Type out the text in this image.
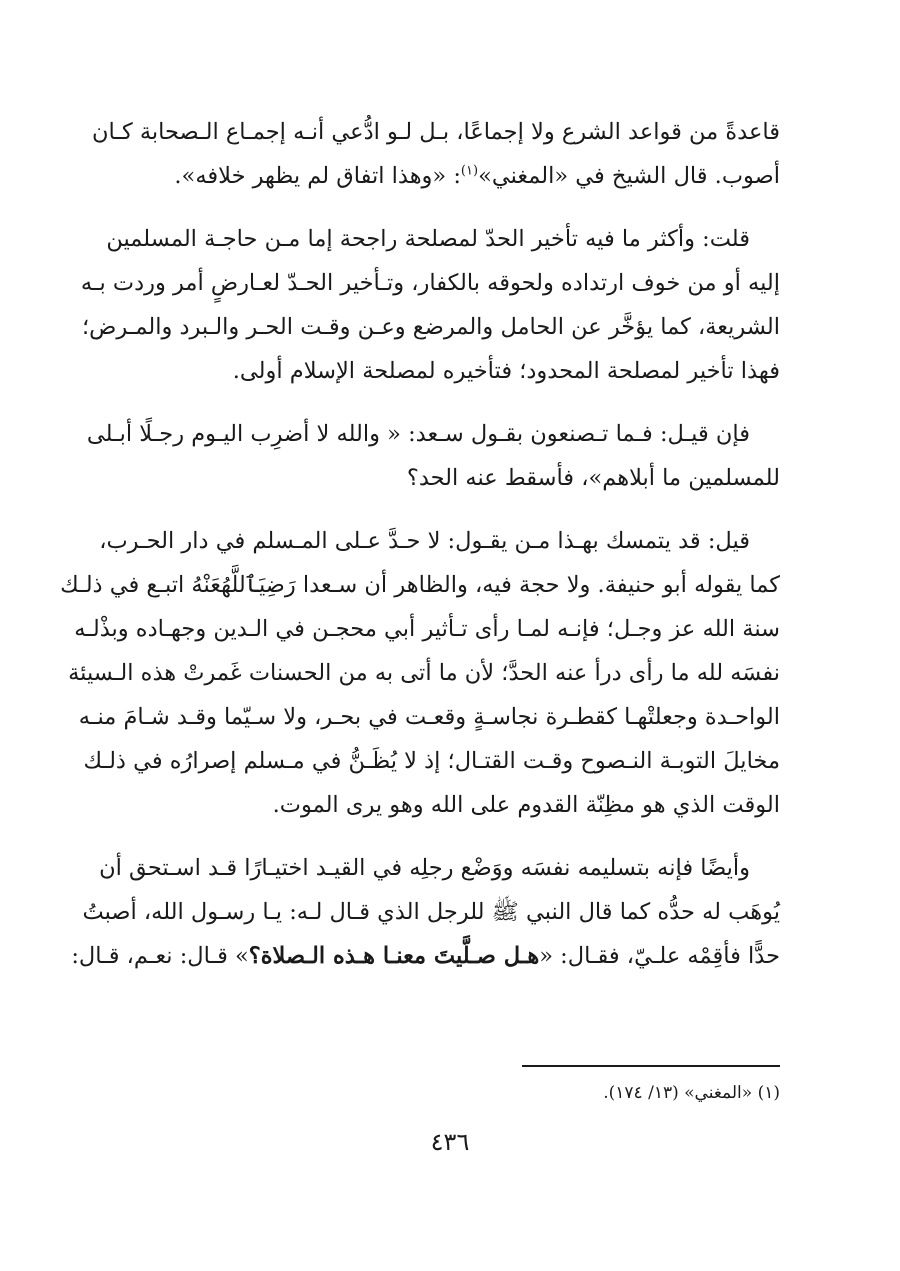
قاعدةً من قواعد الشرع ولا إجماعًا، بـل لـو ادُّعي أنـه إجمـاع الـصحابة كـان
أصوب. قال الشيخ في «المغني»$^{(١)}$: «وهذا اتفاق لم يظهر خلافه».

قلت: وأكثر ما فيه تأخير الحدّ لمصلحة راجحة إما مـن حاجـة المسلمين
إليه أو من خوف ارتداده ولحوقه بالكفار، وتـأخير الحـدّ لعـارضٍ أمر وردت بـه
الشريعة، كما يؤخَّر عن الحامل والمرضع وعـن وقـت الحـر والـبرد والمـرض؛
فهذا تأخير لمصلحة المحدود؛ فتأخيره لمصلحة الإسلام أولى.

فإن قيـل: فـما تـصنعون بقـول سـعد: « والله لا أضرِب اليـوم رجـلًا أبـلى
للمسلمين ما أبلاهم»، فأسقط عنه الحد؟

قيل: قد يتمسك بهـذا مـن يقـول: لا حـدَّ عـلى المـسلم في دار الحـرب،
كما يقوله أبو حنيفة. ولا حجة فيه، والظاهر أن سـعدا رَضِيَٱللَّهُعَنْهُ اتبـع في ذلـك
سنة الله عز وجـل؛ فإنـه لمـا رأى تـأثير أبي محجـن في الـدين وجهـاده وبذْلـه
نفسَه لله ما رأى درأ عنه الحدَّ؛ لأن ما أتى به من الحسنات غَمرتْ هذه الـسيئة
الواحـدة وجعلتْهـا كقطـرة نجاسـةٍ وقعـت في بحـر، ولا سـيّما وقـد شـامَ منـه
مخايلَ التوبـة النـصوح وقـت القتـال؛ إذ لا يُظَـنُّ في مـسلم إصرارُه في ذلـك
الوقت الذي هو مظِنّة القدوم على الله وهو يرى الموت.

وأيضًا فإنه بتسليمه نفسَه ووَضْع رجلِه في القيـد اختيـارًا قـد اسـتحق أن
يُوهَب له حدُّه كما قال النبي ﷺ للرجل الذي قـال لـه: يـا رسـول الله، أصبتُ
حدًّا فأقِمْه علـيّ، فقـال: «هـل صـلَّيتَ معنـا هـذه الـصلاة؟» قـال: نعـم، قـال:

(١) «المغني» (١٣/ ١٧٤).
٤٣٦
